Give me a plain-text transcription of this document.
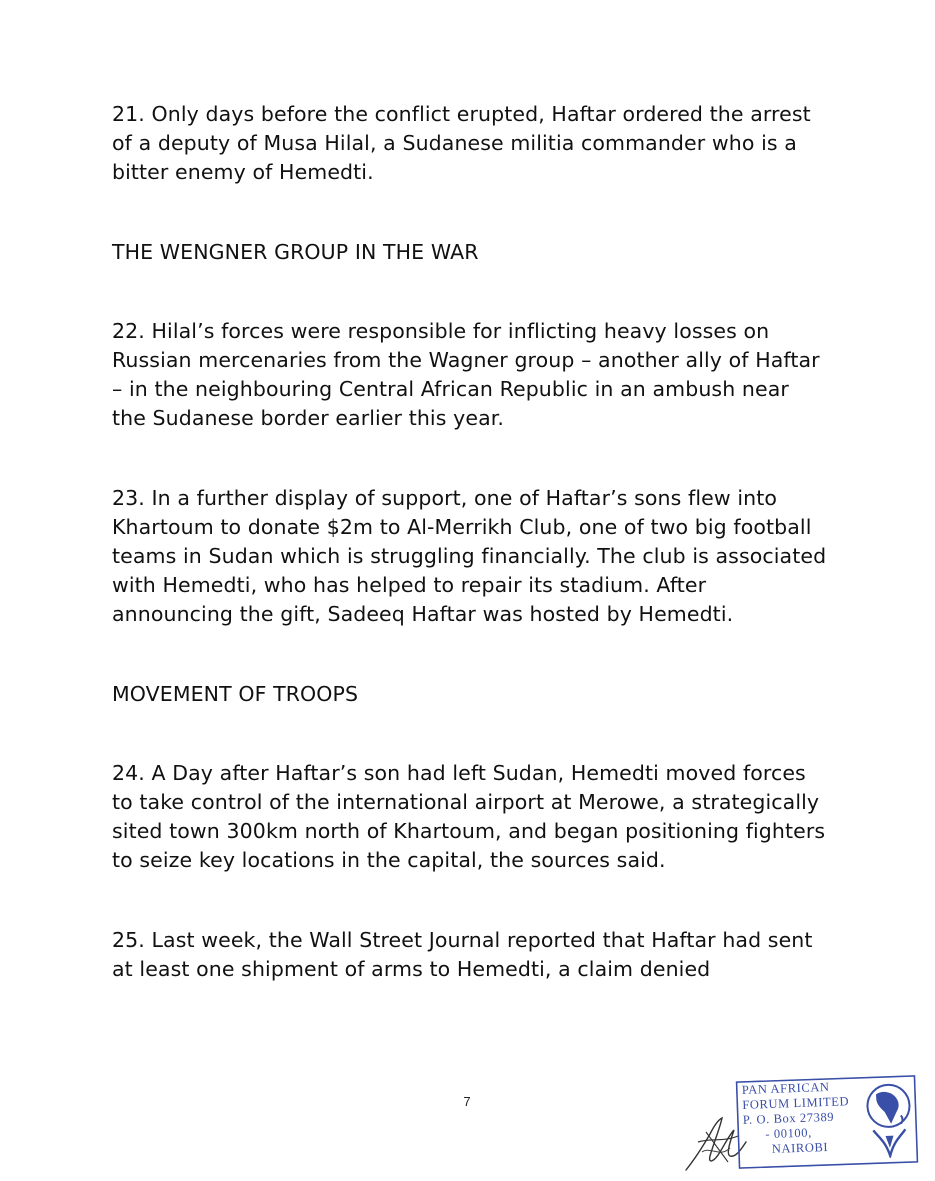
21. Only days before the conflict erupted, Haftar ordered the arrest of a deputy of Musa Hilal, a Sudanese militia commander who is a bitter enemy of Hemedti.

THE WENGNER GROUP IN THE WAR

22. Hilal’s forces were responsible for inflicting heavy losses on Russian mercenaries from the Wagner group – another ally of Haftar – in the neighbouring Central African Republic in an ambush near the Sudanese border earlier this year.

23. In a further display of support, one of Haftar’s sons flew into Khartoum to donate $2m to Al-Merrikh Club, one of two big football teams in Sudan which is struggling financially. The club is associated with Hemedti, who has helped to repair its stadium. After announcing the gift, Sadeeq Haftar was hosted by Hemedti.

MOVEMENT OF TROOPS

24. A Day after Haftar’s son had left Sudan, Hemedti moved forces to take control of the international airport at Merowe, a strategically sited town 300km north of Khartoum, and began positioning fighters to seize key locations in the capital, the sources said.

25. Last week, the Wall Street Journal reported that Haftar had sent at least one shipment of arms to Hemedti, a claim denied

7
PAN AFRICAN
FORUM LIMITED
P. O. Box 27389
- 00100,
NAIROBI
